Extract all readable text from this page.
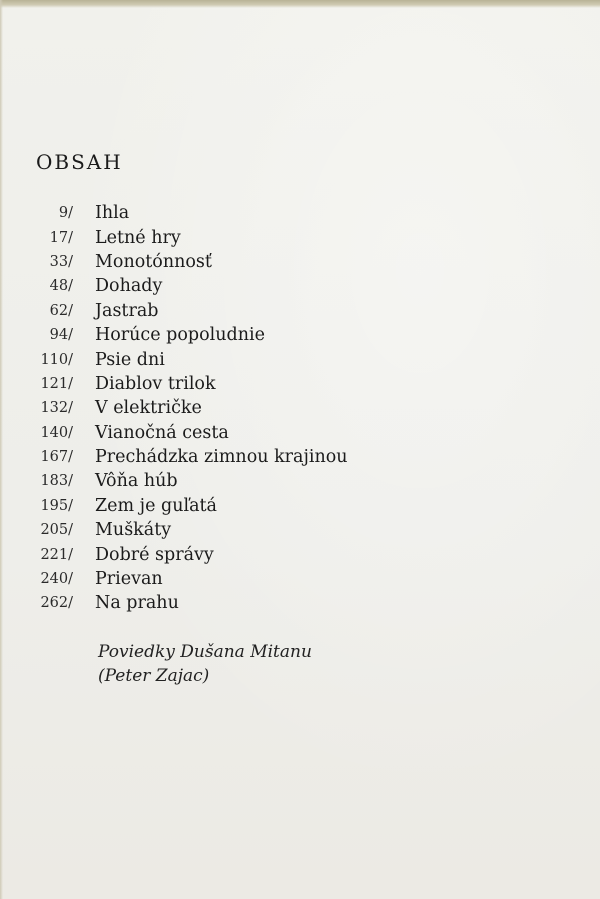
OBSAH
9/ Ihla
17/ Letné hry
33/ Monotónnosť
48/ Dohady
62/ Jastrab
94/ Horúce popoludnie
110/ Psie dni
121/ Diablov trilok
132/ V električke
140/ Vianočná cesta
167/ Prechádzka zimnou krajinou
183/ Vôňa húb
195/ Zem je guľatá
205/ Muškáty
221/ Dobré správy
240/ Prievan
262/ Na prahu
Poviedky Dušana Mitanu
(Peter Zajac)
